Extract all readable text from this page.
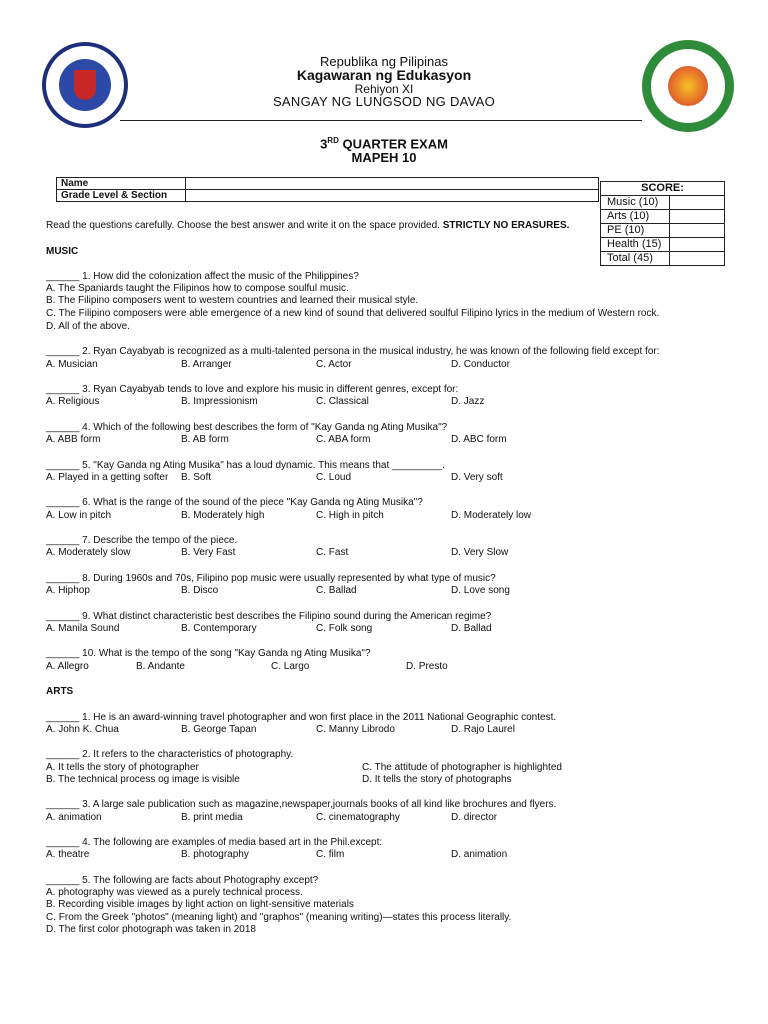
Republika ng Pilipinas
Kagawaran ng Edukasyon
Rehiyon XI
SANGAY NG LUNGSOD NG DAVAO
3RD QUARTER EXAM
MAPEH 10
Name	
Grade Level & Section	
SCORE:	
Music (10)	
Arts (10)	
PE (10)	
Health (15)	
Total (45)	
Read the questions carefully. Choose the best answer and write it on the space provided. STRICTLY NO ERASURES.
MUSIC
______ 1. How did the colonization affect the music of the Philippines?
A. The Spaniards taught the Filipinos how to compose soulful music.
B. The Filipino composers went to western countries and learned their musical style.
C. The Filipino composers were able emergence of a new kind of sound that delivered soulful Filipino lyrics in the medium of Western rock.
D. All of the above.
______ 2. Ryan Cayabyab is recognized as a multi-talented persona in the musical industry, he was known of the following field except for:
A. Musician	B. Arranger	C. Actor	D. Conductor
______ 3. Ryan Cayabyab tends to love and explore his music in different genres, except for:
A. Religious	B. Impressionism	C. Classical	D. Jazz
______ 4. Which of the following best describes the form of "Kay Ganda ng Ating Musika"?
A. ABB form	B. AB form	C. ABA form	D. ABC form
______ 5. "Kay Ganda ng Ating Musika" has a loud dynamic. This means that _________.
A. Played in a getting softer B. Soft	C. Loud	D. Very soft
______ 6. What is the range of the sound of the piece "Kay Ganda ng Ating Musika"?
A. Low in pitch	B. Moderately high	C. High in pitch	D. Moderately low
______ 7. Describe the tempo of the piece.
A. Moderately slow	B. Very Fast	C. Fast	D. Very Slow
______ 8. During 1960s and 70s, Filipino pop music were usually represented by what type of music?
A. Hiphop	B. Disco	C. Ballad	D. Love song
______ 9. What distinct characteristic best describes the Filipino sound during the American regime?
A. Manila Sound	B. Contemporary	C. Folk song	D. Ballad
______ 10. What is the tempo of the song "Kay Ganda ng Ating Musika"?
A. Allegro	B. Andante	C. Largo	D. Presto
ARTS
______ 1. He is an award-winning travel photographer and won first place in the 2011 National Geographic contest.
A. John K. Chua	B. George Tapan	C. Manny Librodo	D. Rajo Laurel
______ 2. It refers to the characteristics of photography.
A. It tells the story of photographer	C. The attitude of photographer is highlighted
B. The technical process og image is visible	D. It tells the story of photographs
______ 3. A large sale publication such as magazine,newspaper,journals books of all kind like brochures and flyers.
A. animation	B. print media	C. cinematography	D. director
______ 4. The following are examples of media based art in the Phil.except:
A. theatre	B. photography	C. film	D. animation
______ 5. The following are facts about Photography except?
A. photography was viewed as a purely technical process.
B. Recording visible images by light action on light-sensitive materials
C. From the Greek "photos" (meaning light) and "graphos" (meaning writing)—states this process literally.
D. The first color photograph was taken in 2018
